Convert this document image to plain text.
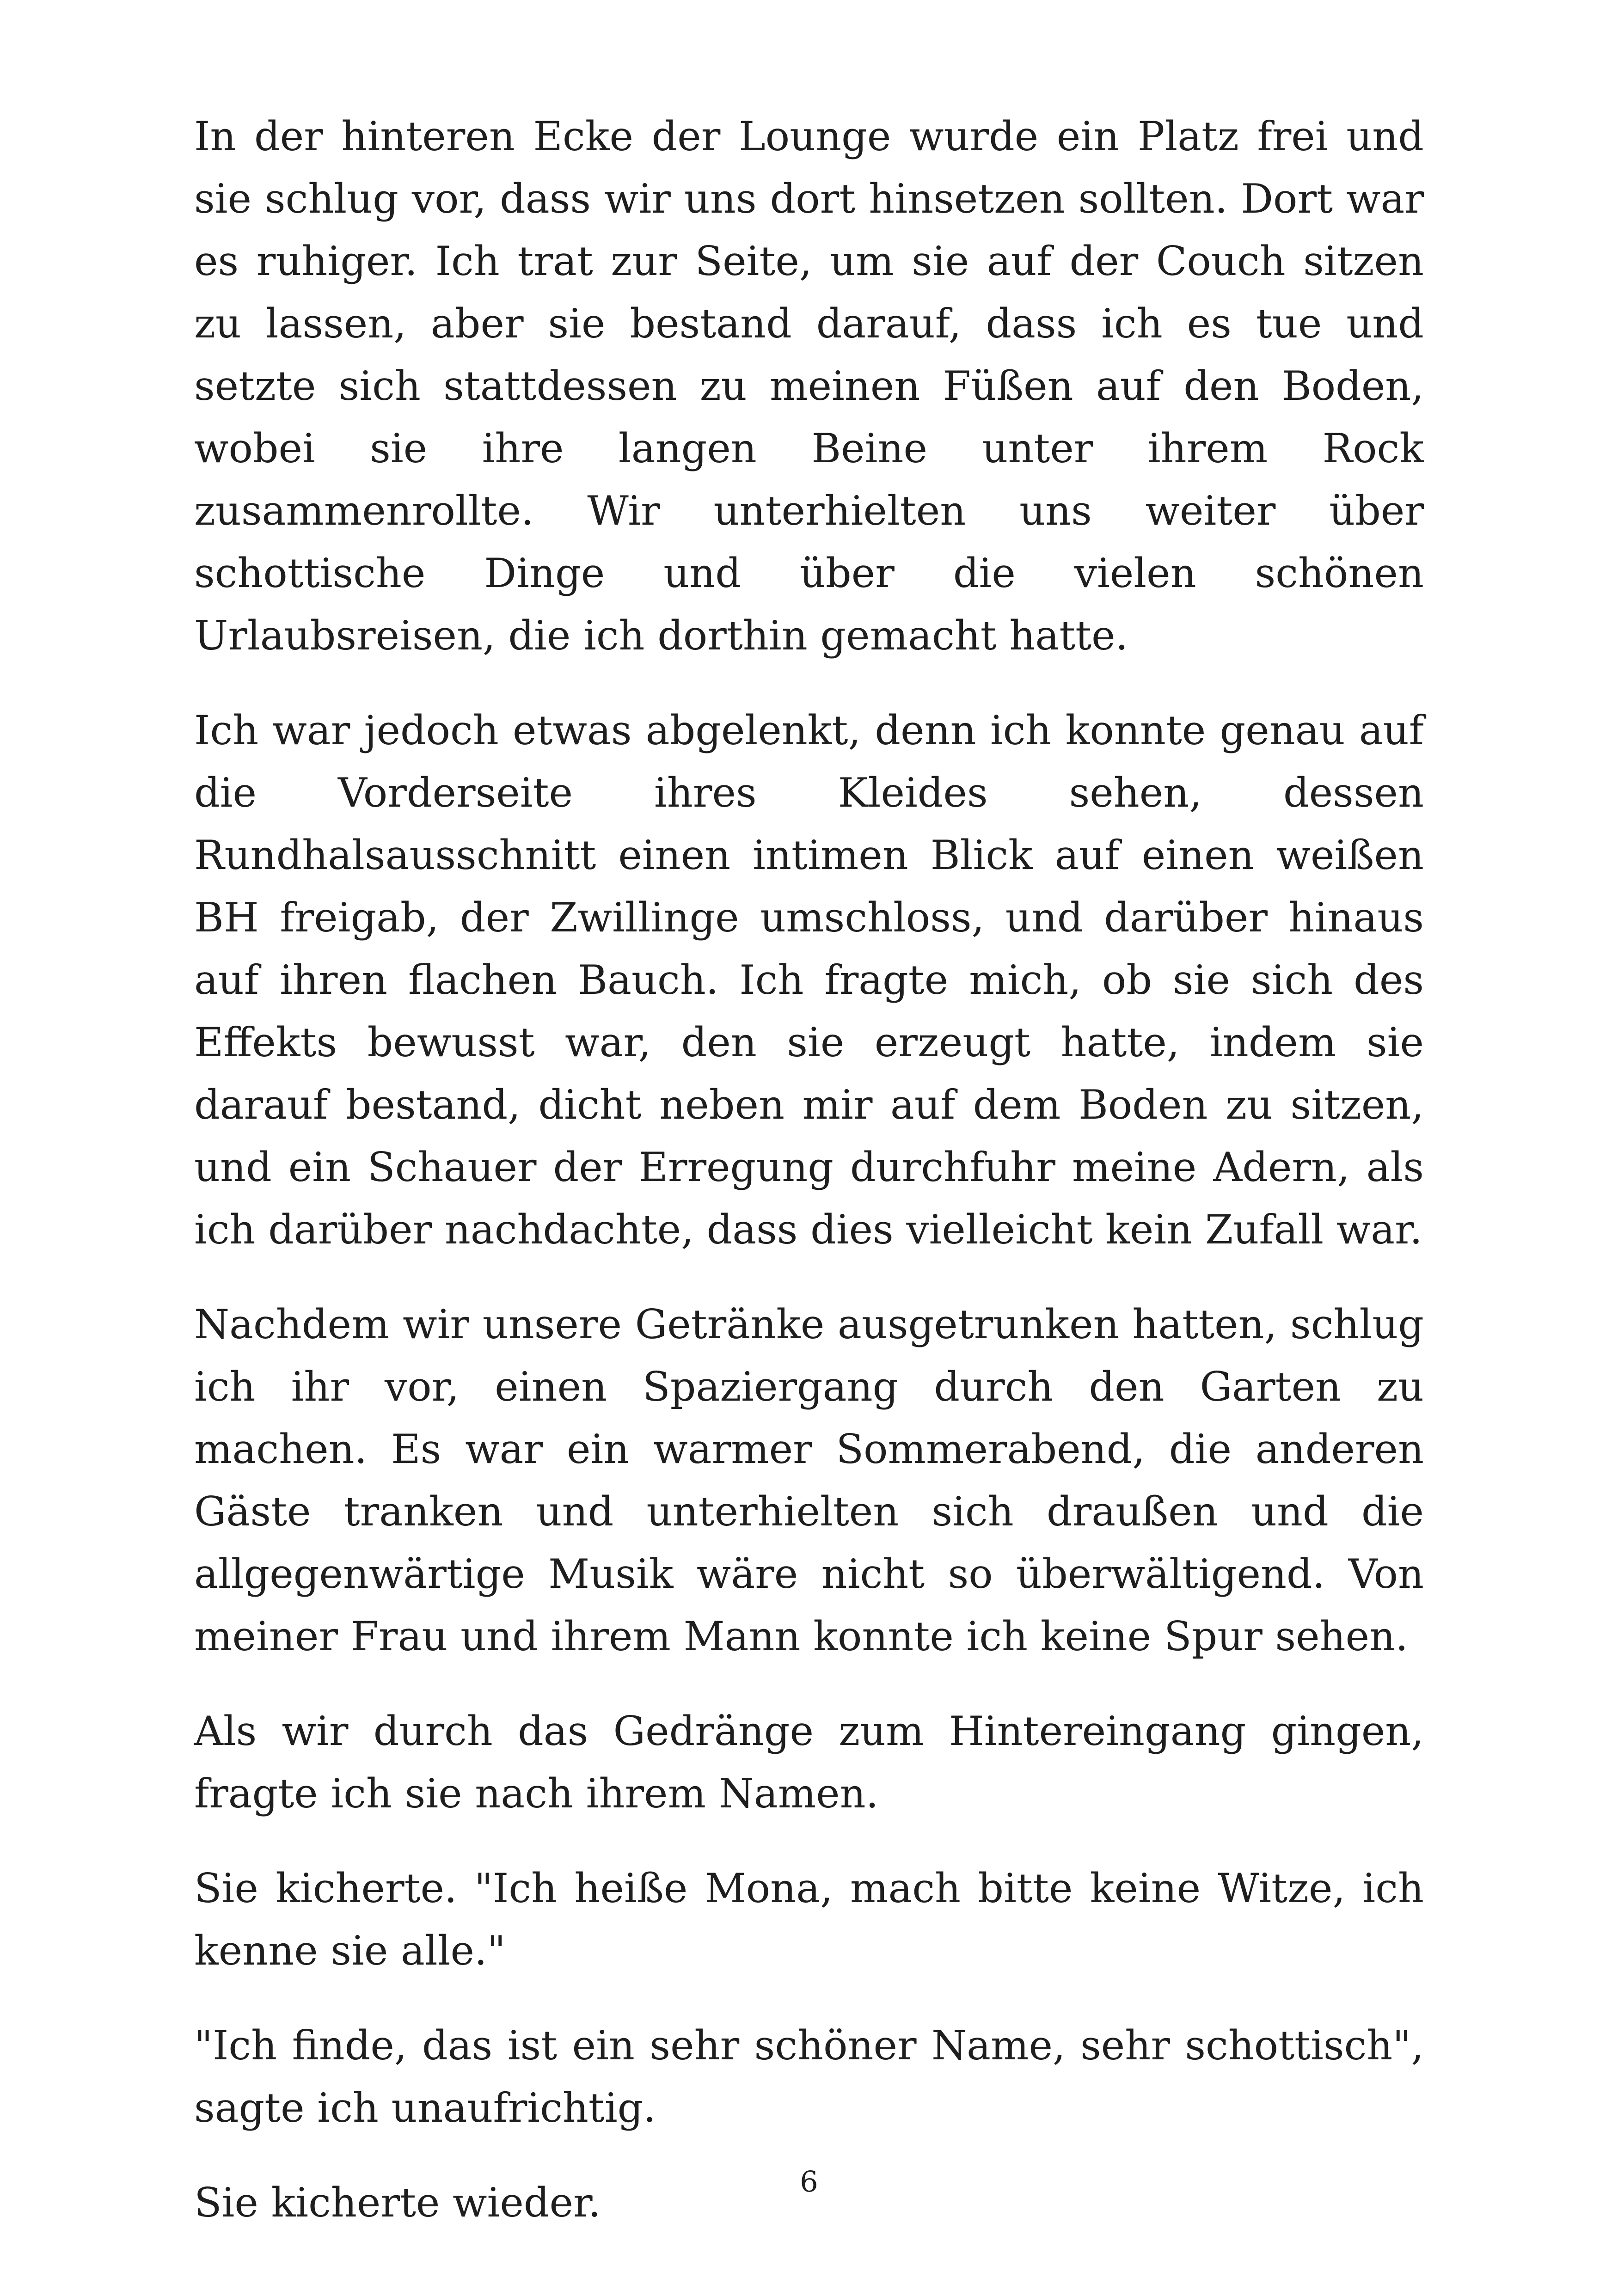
In der hinteren Ecke der Lounge wurde ein Platz frei und sie schlug vor, dass wir uns dort hinsetzen sollten. Dort war es ruhiger. Ich trat zur Seite, um sie auf der Couch sitzen zu lassen, aber sie bestand darauf, dass ich es tue und setzte sich stattdessen zu meinen Füßen auf den Boden, wobei sie ihre langen Beine unter ihrem Rock zusammenrollte. Wir unterhielten uns weiter über schottische Dinge und über die vielen schönen Urlaubsreisen, die ich dorthin gemacht hatte.

Ich war jedoch etwas abgelenkt, denn ich konnte genau auf die Vorderseite ihres Kleides sehen, dessen Rundhalsausschnitt einen intimen Blick auf einen weißen BH freigab, der Zwillinge umschloss, und darüber hinaus auf ihren flachen Bauch. Ich fragte mich, ob sie sich des Effekts bewusst war, den sie erzeugt hatte, indem sie darauf bestand, dicht neben mir auf dem Boden zu sitzen, und ein Schauer der Erregung durchfuhr meine Adern, als ich darüber nachdachte, dass dies vielleicht kein Zufall war.

Nachdem wir unsere Getränke ausgetrunken hatten, schlug ich ihr vor, einen Spaziergang durch den Garten zu machen. Es war ein warmer Sommerabend, die anderen Gäste tranken und unterhielten sich draußen und die allgegenwärtige Musik wäre nicht so überwältigend. Von meiner Frau und ihrem Mann konnte ich keine Spur sehen.

Als wir durch das Gedränge zum Hintereingang gingen, fragte ich sie nach ihrem Namen.

Sie kicherte. "Ich heiße Mona, mach bitte keine Witze, ich kenne sie alle."

"Ich finde, das ist ein sehr schöner Name, sehr schottisch", sagte ich unaufrichtig.

Sie kicherte wieder.	6
